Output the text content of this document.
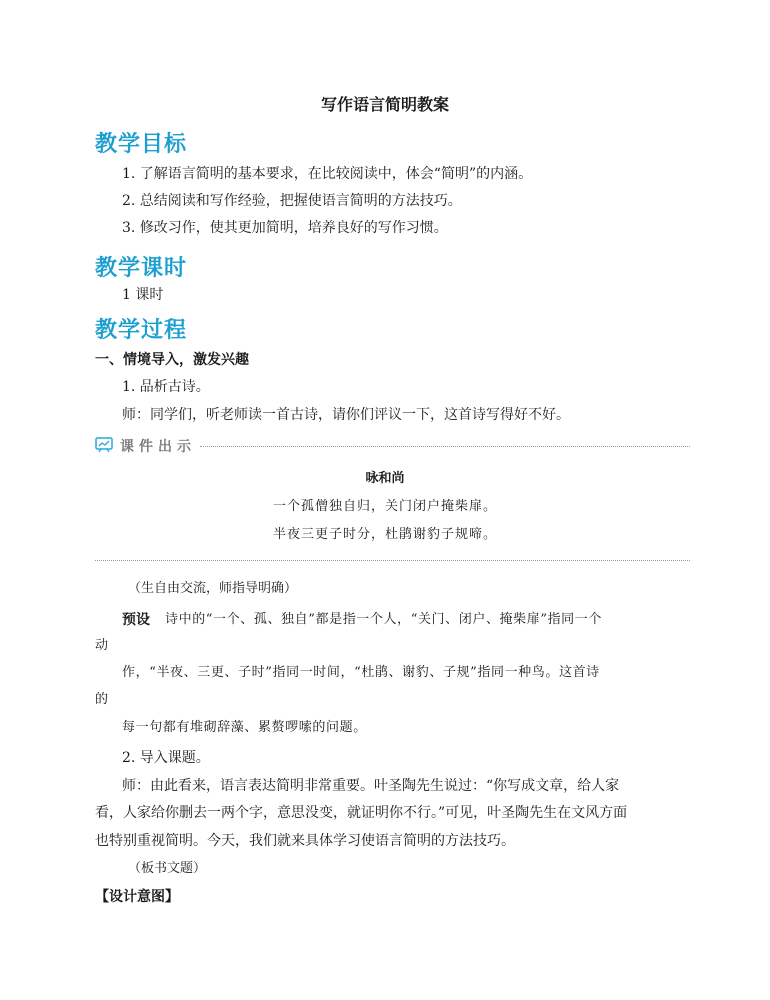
写作语言简明教案
教学目标
1. 了解语言简明的基本要求，在比较阅读中，体会“简明”的内涵。
2. 总结阅读和写作经验，把握使语言简明的方法技巧。
3. 修改习作，使其更加简明，培养良好的写作习惯。
教学课时
1 课时
教学过程
一、情境导入，激发兴趣
1. 品析古诗。
师：同学们，听老师读一首古诗，请你们评议一下，这首诗写得好不好。
课件出示
咏和尚
一个孤僧独自归，关门闭户掩柴扉。
半夜三更子时分，杜鹃谢豹子规啼。
（生自由交流，师指导明确）
预设 诗中的“一个、孤、独自”都是指一个人，“关门、闭户、掩柴扉”指同一个
动
作，“半夜、三更、子时”指同一时间，“杜鹃、谢豹、子规”指同一种鸟。这首诗
的
每一句都有堆砌辞藻、累赘啰嗦的问题。
2. 导入课题。
师：由此看来，语言表达简明非常重要。叶圣陶先生说过：“你写成文章，给人家
看，人家给你删去一两个字，意思没变，就证明你不行。”可见，叶圣陶先生在文风方面
也特别重视简明。今天，我们就来具体学习使语言简明的方法技巧。
（板书文题）
【设计意图】
